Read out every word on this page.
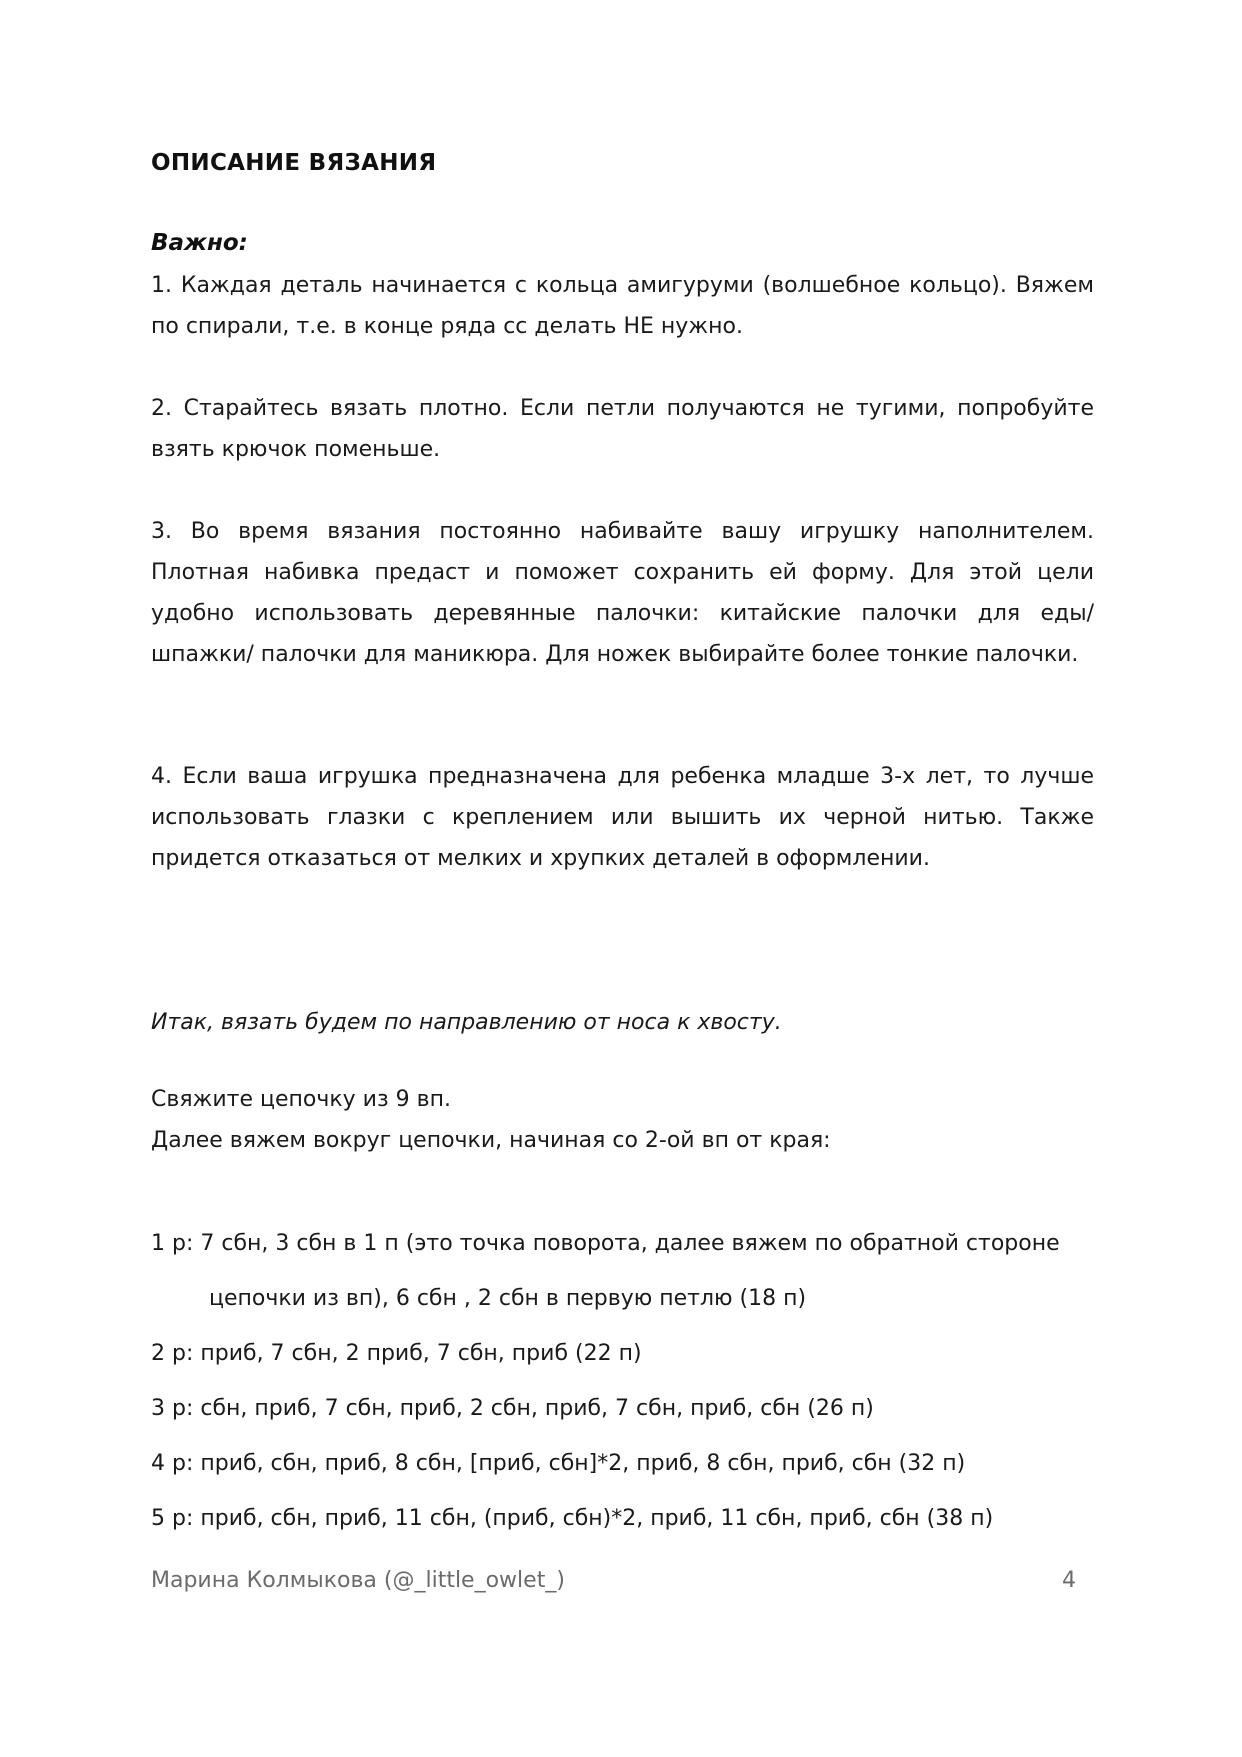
ОПИСАНИЕ ВЯЗАНИЯ
Важно:
1. Каждая деталь начинается с кольца амигуруми (волшебное кольцо). Вяжем по спирали, т.е. в конце ряда сс делать НЕ нужно.
2. Старайтесь вязать плотно. Если петли получаются не тугими, попробуйте взять крючок поменьше.
3. Во время вязания постоянно набивайте вашу игрушку наполнителем. Плотная набивка предаст и поможет сохранить ей форму. Для этой цели удобно использовать деревянные палочки: китайские палочки для еды/ шпажки/ палочки для маникюра. Для ножек выбирайте более тонкие палочки.
4. Если ваша игрушка предназначена для ребенка младше 3-х лет, то лучше использовать глазки с креплением или вышить их черной нитью. Также придется отказаться от мелких и хрупких деталей в оформлении.
Итак, вязать будем по направлению от носа к хвосту.
Свяжите цепочку из 9 вп.
Далее вяжем вокруг цепочки, начиная со 2-ой вп от края:
1 р: 7 сбн, 3 сбн в 1 п (это точка поворота, далее вяжем по обратной стороне
цепочки из вп), 6 сбн , 2 сбн в первую петлю (18 п)
2 р: приб, 7 сбн, 2 приб, 7 сбн, приб (22 п)
3 р: сбн, приб, 7 сбн, приб, 2 сбн, приб, 7 сбн, приб, сбн (26 п)
4 р: приб, сбн, приб, 8 сбн, [приб, сбн]*2, приб, 8 сбн, приб, сбн (32 п)
5 р: приб, сбн, приб, 11 сбн, (приб, сбн)*2, приб, 11 сбн, приб, сбн (38 п)
Марина Колмыкова (@_little_owlet_)	4
